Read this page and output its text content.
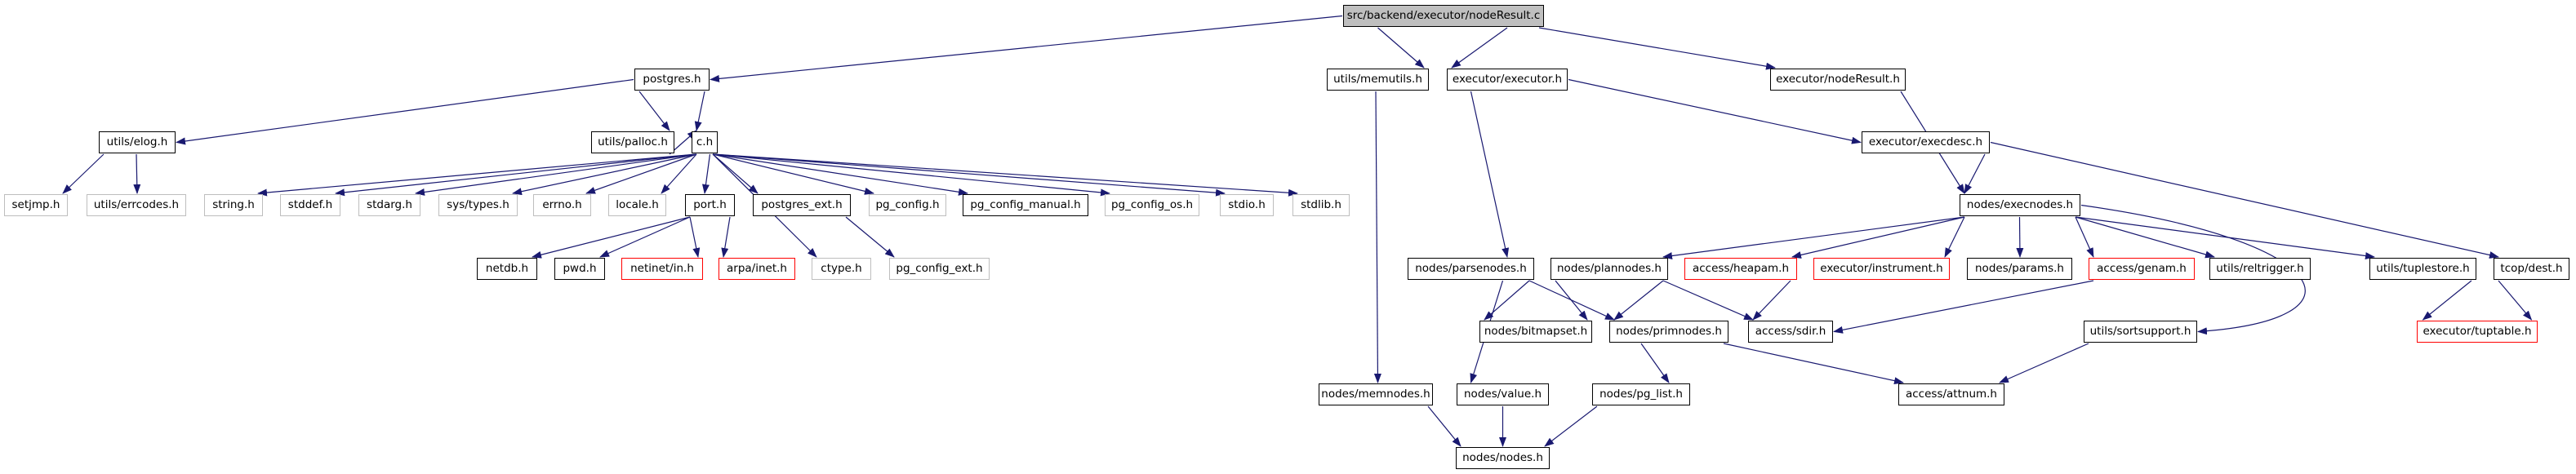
src/backend/executor/nodeResult.c
postgres.h	utils/memutils.h	executor/executor.h	executor/nodeResult.h
utils/elog.h	utils/palloc.h	c.h	executor/execdesc.h
setjmp.h	utils/errcodes.h	string.h	stddef.h	stdarg.h	sys/types.h	errno.h	locale.h	port.h	postgres_ext.h	pg_config.h	pg_config_manual.h	pg_config_os.h	stdio.h	stdlib.h	nodes/execnodes.h
netdb.h	pwd.h	netinet/in.h	arpa/inet.h	ctype.h	pg_config_ext.h	nodes/parsenodes.h	nodes/plannodes.h	access/heapam.h	executor/instrument.h	nodes/params.h	access/genam.h	utils/reltrigger.h	utils/tuplestore.h	tcop/dest.h
nodes/bitmapset.h	nodes/primnodes.h	access/sdir.h	utils/sortsupport.h	executor/tuptable.h
nodes/memnodes.h	nodes/value.h	nodes/pg_list.h	access/attnum.h
nodes/nodes.h
